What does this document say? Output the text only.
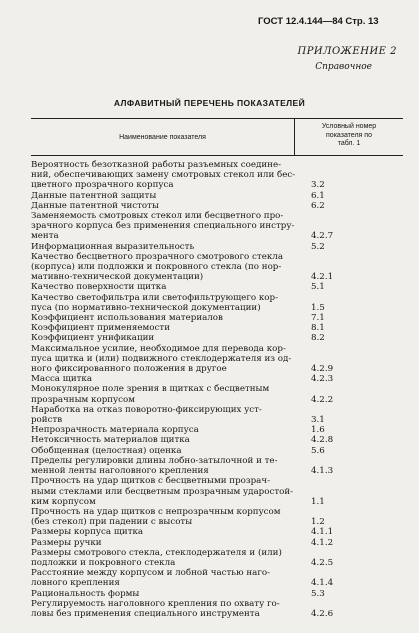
ГОСТ 12.4.144—84 Стр. 13
ПРИЛОЖЕНИЕ 2
Справочное
АЛФАВИТНЫЙ ПЕРЕЧЕНЬ ПОКАЗАТЕЛЕЙ
Наименование показателя
Условный номер
показателя по
табл. 1
Вероятность безотказной работы разъемных соедине-
ний, обеспечивающих замену смотровых стекол или бес-
цветного прозрачного корпуса	3.2
Данные патентной защиты	6.1
Данные патентной чистоты	6.2
Заменяемость смотровых стекол или бесцветного про-
зрачного корпуса без применения специального инстру-
мента	4.2.7
Информационная выразительность	5.2
Качество бесцветного прозрачного смотрового стекла
(корпуса) или подложки и покровного стекла (по нор-
мативно-технической документации)	4.2.1
Качество поверхности щитка	5.1
Качество светофильтра или светофильтрующего кор-
пуса (по нормативно-технической документации)	1.5
Коэффициент использования материалов	7.1
Коэффициент применяемости	8.1
Коэффициент унификации	8.2
Максимальное усилие, необходимое для перевода кор-
пуса щитка и (или) подвижного стеклодержателя из од-
ного фиксированного положения в другое	4.2.9
Масса щитка	4.2.3
Монокулярное поле зрения в щитках с бесцветным
прозрачным корпусом	4.2.2
Наработка на отказ поворотно-фиксирующих уст-
ройств	3.1
Непрозрачность материала корпуса	1.6
Нетоксичность материалов щитка	4.2.8
Обобщенная (целостная) оценка	5.6
Пределы регулировки длины лобно-затылочной и те-
менной ленты наголовного крепления	4.1.3
Прочность на удар щитков с бесцветными прозрач-
ными стеклами или бесцветным прозрачным ударостой-
ким корпусом	1.1
Прочность на удар щитков с непрозрачным корпусом
(без стекол) при падении с высоты	1.2
Размеры корпуса щитка	4.1.1
Размеры ручки	4.1.2
Размеры смотрового стекла, стеклодержателя и (или)
подложки и покровного стекла	4.2.5
Расстояние между корпусом и лобной частью наго-
ловного крепления	4.1.4
Рациональность формы	5.3
Регулируемость наголовного крепления по охвату го-
ловы без применения специального инструмента	4.2.6
